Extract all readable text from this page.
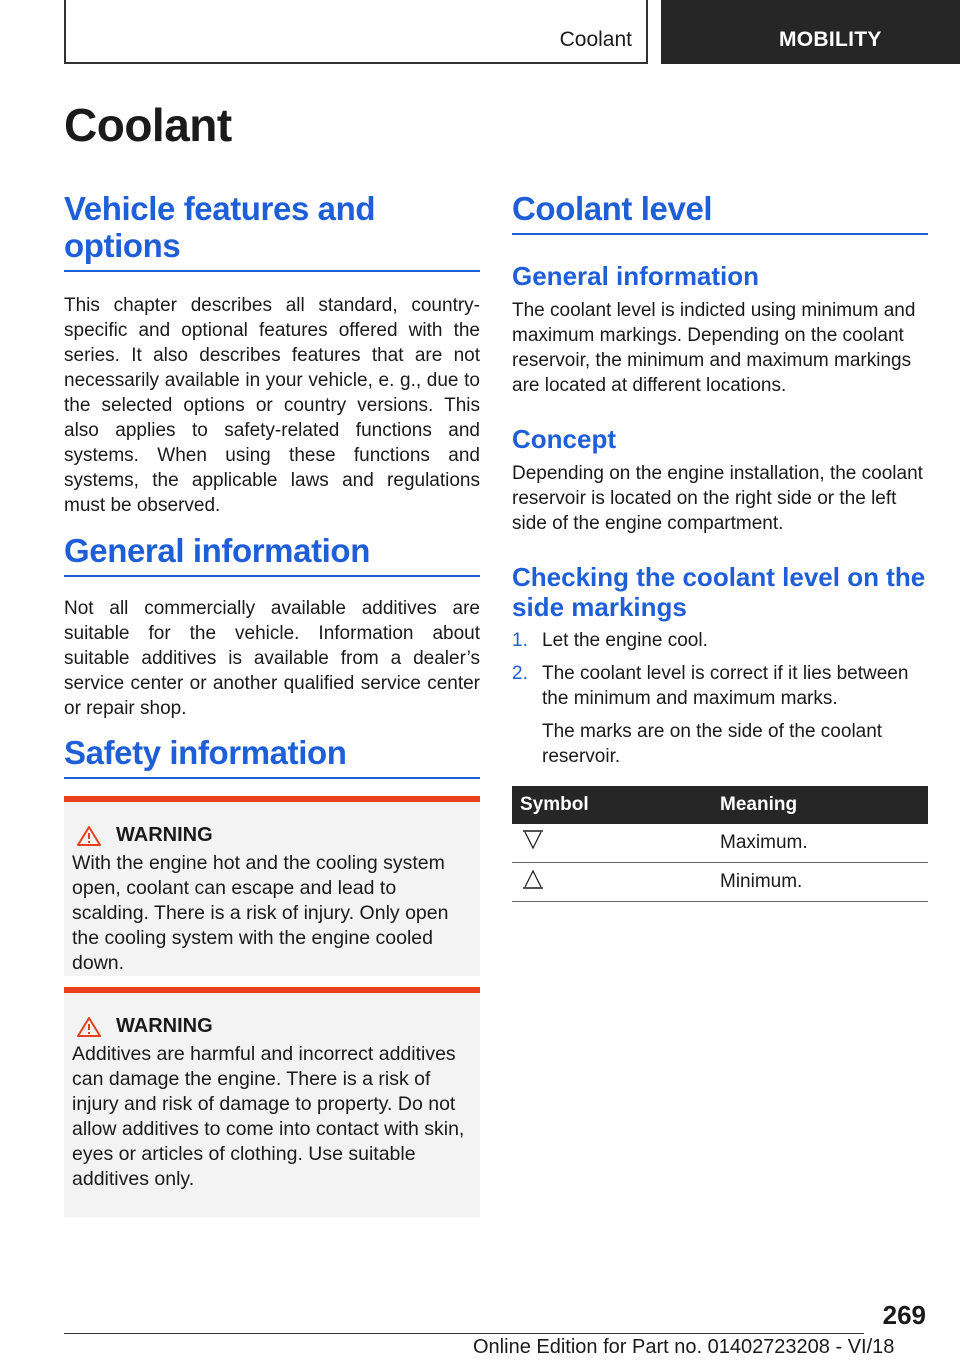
Coolant	MOBILITY
Coolant
Vehicle features and
options

This chapter describes all standard, country-specific and optional features offered with the series. It also describes features that are not necessarily available in your vehicle, e. g., due to the selected options or country versions. This also applies to safety-related functions and systems. When using these functions and systems, the applicable laws and regulations must be observed.

General information

Not all commercially available additives are suitable for the vehicle. Information about suitable additives is available from a dealer’s service center or another qualified service center or repair shop.

Safety information
WARNING

With the engine hot and the cooling system open, coolant can escape and lead to scalding. There is a risk of injury. Only open the cooling system with the engine cooled down.

WARNING

Additives are harmful and incorrect additives can damage the engine. There is a risk of injury and risk of damage to property. Do not allow additives to come into contact with skin, eyes or articles of clothing. Use suitable additives only.

Coolant level
General information

The coolant level is indicted using minimum and maximum markings. Depending on the coolant reservoir, the minimum and maximum markings are located at different locations.

Concept

Depending on the engine installation, the coolant reservoir is located on the right side or the left side of the engine compartment.

Checking the coolant level on the
side markings
1. Let the engine cool.
2. The coolant level is correct if it lies between the minimum and maximum marks.
The marks are on the side of the coolant reservoir.
Symbol	Meaning
	Maximum.
	Minimum.
269
Online Edition for Part no. 01402723208 - VI/18
